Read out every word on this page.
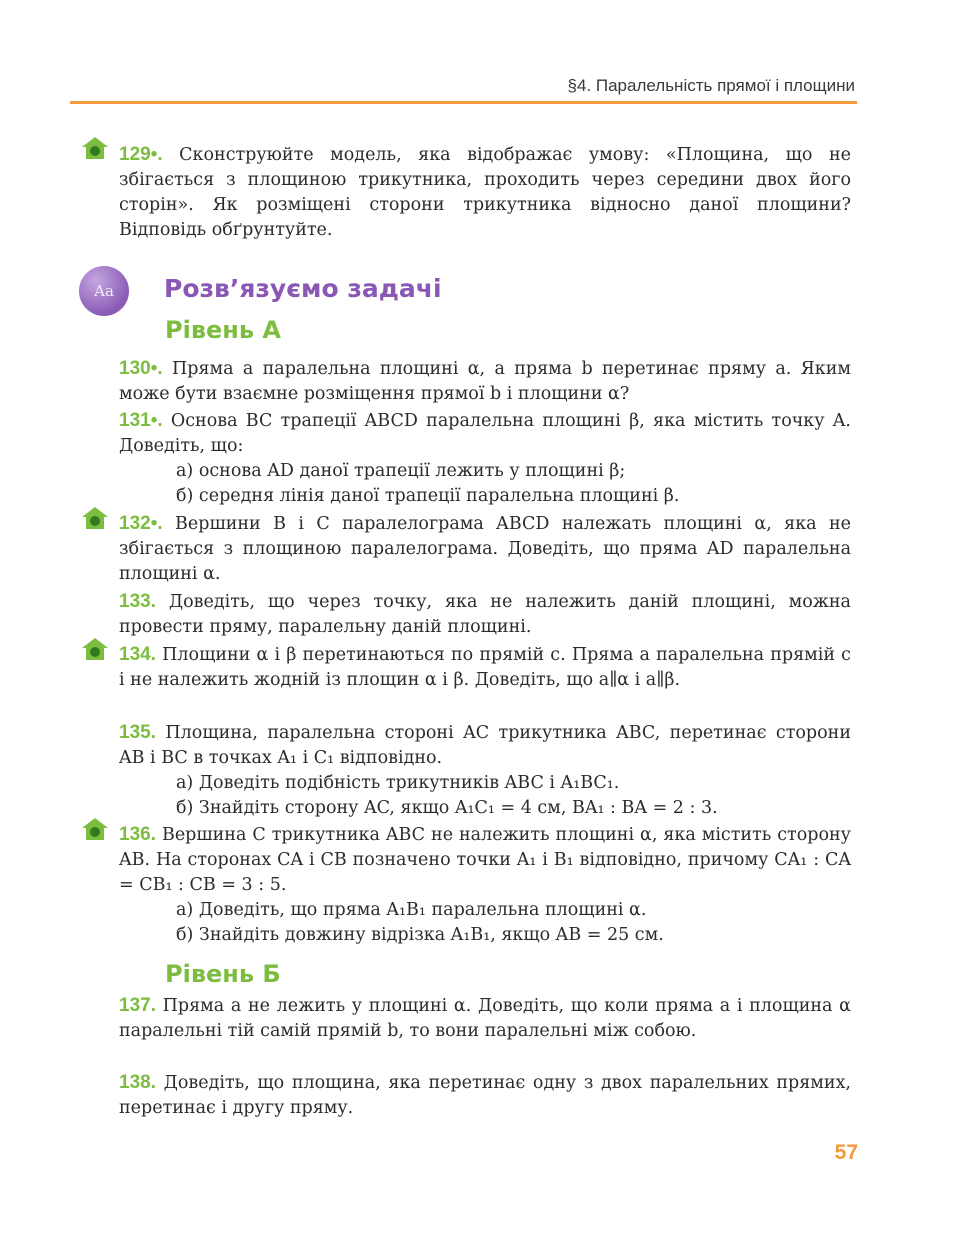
§4. Паралельність прямої і площини
129•. Сконструюйте модель, яка відображає умову: «Площина, що не збігається з площиною трикутника, проходить через середини двох його сторін». Як розміщені сторони трикутника відносно даної площини? Відповідь обґрунтуйте.
Aa	Розв’язуємо задачі
Рівень А
130•. Пряма a паралельна площині α, а пряма b перетинає пряму a. Яким може бути взаємне розміщення прямої b і площини α?
131•. Основа BC трапеції ABCD паралельна площині β, яка містить точку A. Доведіть, що:
а) основа AD даної трапеції лежить у площині β;
б) середня лінія даної трапеції паралельна площині β.
132•. Вершини B і C паралелограма ABCD належать площині α, яка не збігається з площиною паралелограма. Доведіть, що пряма AD паралельна площині α.
133. Доведіть, що через точку, яка не належить даній площині, можна провести пряму, паралельну даній площині.
134. Площини α і β перетинаються по прямій c. Пряма a паралельна прямій c і не належить жодній із площин α і β. Доведіть, що a∥α і a∥β.
135. Площина, паралельна стороні AC трикутника ABC, перетинає сторони AB і BC в точках A₁ і C₁ відповідно.
а) Доведіть подібність трикутників ABC і A₁BC₁.
б) Знайдіть сторону AC, якщо A₁C₁ = 4 см, BA₁ : BA = 2 : 3.
136. Вершина C трикутника ABC не належить площині α, яка містить сторону AB. На сторонах CA і CB позначено точки A₁ і B₁ відповідно, причому CA₁ : CA = CB₁ : CB = 3 : 5.
а) Доведіть, що пряма A₁B₁ паралельна площині α.
б) Знайдіть довжину відрізка A₁B₁, якщо AB = 25 см.
Рівень Б
137. Пряма a не лежить у площині α. Доведіть, що коли пряма a і площина α паралельні тій самій прямій b, то вони паралельні між собою.
138. Доведіть, що площина, яка перетинає одну з двох паралельних прямих, перетинає і другу пряму.
57
